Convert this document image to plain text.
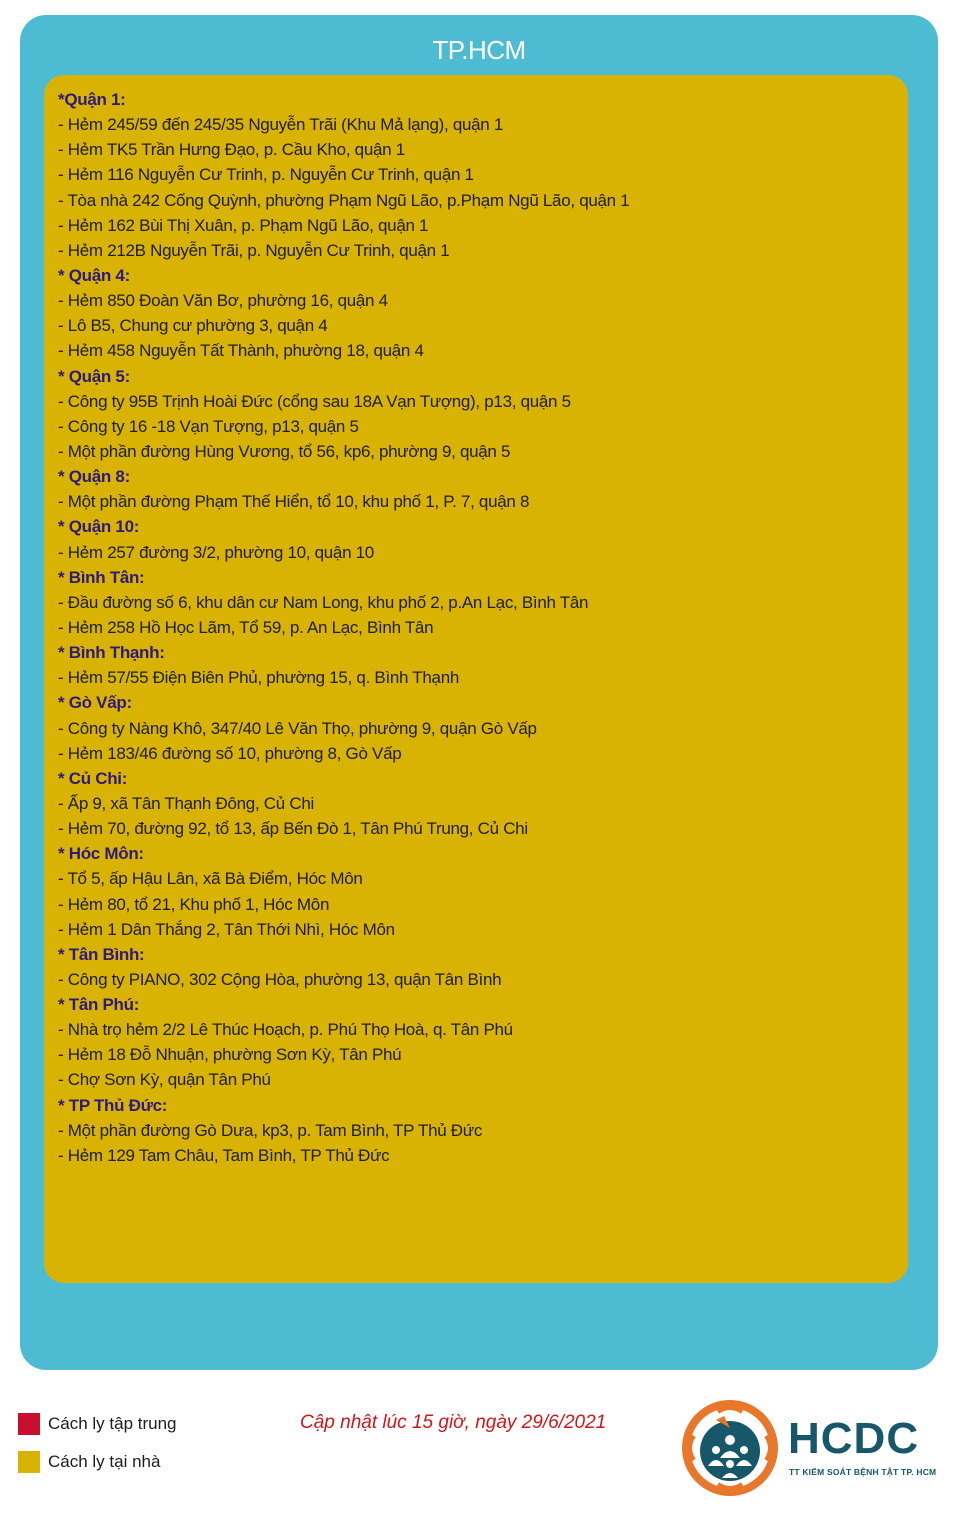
TP.HCM
*Quận 1:
- Hẻm 245/59 đến 245/35 Nguyễn Trãi (Khu Mả lạng), quận 1
- Hẻm TK5 Trần Hưng Đạo, p. Cầu Kho, quận 1
- Hẻm 116 Nguyễn Cư Trinh, p. Nguyễn Cư Trinh, quận 1
- Tòa nhà 242 Cống Quỳnh, phường Phạm Ngũ Lão, p.Phạm Ngũ Lão, quận 1
- Hẻm 162 Bùi Thị Xuân, p. Phạm Ngũ Lão, quận 1
- Hẻm 212B Nguyễn Trãi, p. Nguyễn Cư Trinh, quận 1
* Quận 4:
- Hẻm 850 Đoàn Văn Bơ, phường 16, quận 4
- Lô B5, Chung cư phường 3, quận 4
- Hẻm 458 Nguyễn Tất Thành, phường 18, quận 4
* Quận 5:
- Công ty 95B Trịnh Hoài Đức (cổng sau 18A Vạn Tượng), p13, quận 5
- Công ty 16 -18 Vạn Tượng, p13, quận 5
- Một phần đường Hùng Vương, tổ 56, kp6, phường 9, quận 5
* Quận 8:
- Một phần đường Phạm Thế Hiển, tổ 10, khu phố 1, P. 7, quận 8
* Quận 10:
- Hẻm 257 đường 3/2, phường 10, quận 10
* Bình Tân:
- Đầu đường số 6, khu dân cư Nam Long, khu phố 2, p.An Lạc, Bình Tân
- Hẻm 258 Hồ Học Lãm, Tổ 59, p. An Lạc, Bình Tân
* Bình Thạnh:
- Hẻm 57/55 Điện Biên Phủ, phường 15, q. Bình Thạnh
* Gò Vấp:
- Công ty Nàng Khô, 347/40 Lê Văn Thọ, phường 9, quận Gò Vấp
- Hẻm 183/46 đường số 10, phường 8, Gò Vấp
* Củ Chi:
- Ấp 9, xã Tân Thạnh Đông, Củ Chi
- Hẻm 70, đường 92, tổ 13, ấp Bến Đò 1, Tân Phú Trung, Củ Chi
* Hóc Môn:
- Tổ 5, ấp Hậu Lân, xã Bà Điểm, Hóc Môn
- Hẻm 80, tổ 21, Khu phố 1, Hóc Môn
- Hẻm 1 Dân Thắng 2, Tân Thới Nhì, Hóc Môn
* Tân Bình:
- Công ty PIANO, 302 Cộng Hòa, phường 13, quận Tân Bình
* Tân Phú:
- Nhà trọ hẻm 2/2 Lê Thúc Hoạch, p. Phú Thọ Hoà, q. Tân Phú
- Hẻm 18 Đỗ Nhuận, phường Sơn Kỳ, Tân Phú
- Chợ Sơn Kỳ, quận Tân Phú
* TP Thủ Đức:
- Một phần đường Gò Dưa, kp3, p. Tam Bình, TP Thủ Đức
- Hẻm 129 Tam Châu, Tam Bình, TP Thủ Đức
Cách ly tập trung
Cách ly tại nhà
Cập nhật lúc 15 giờ, ngày 29/6/2021	HCDC
TT KIỂM SOÁT BỆNH TẬT TP. HCM
